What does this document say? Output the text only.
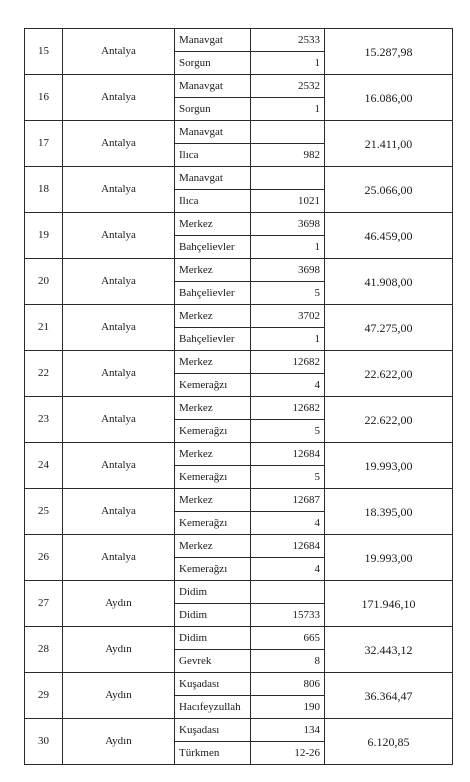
15	Antalya	Manavgat	2533	15.287,98
		Sorgun	1	
16	Antalya	Manavgat	2532	16.086,00
		Sorgun	1	
17	Antalya	Manavgat		21.411,00
		Ilıca	982	
18	Antalya	Manavgat		25.066,00
		Ilıca	1021	
19	Antalya	Merkez	3698	46.459,00
		Bahçelievler	1	
20	Antalya	Merkez	3698	41.908,00
		Bahçelievler	5	
21	Antalya	Merkez	3702	47.275,00
		Bahçelievler	1	
22	Antalya	Merkez	12682	22.622,00
		Kemerağzı	4	
23	Antalya	Merkez	12682	22.622,00
		Kemerağzı	5	
24	Antalya	Merkez	12684	19.993,00
		Kemerağzı	5	
25	Antalya	Merkez	12687	18.395,00
		Kemerağzı	4	
26	Antalya	Merkez	12684	19.993,00
		Kemerağzı	4	
27	Aydın	Didim		171.946,10
		Didim	15733	
28	Aydın	Didim	665	32.443,12
		Gevrek	8	
29	Aydın	Kuşadası	806	36.364,47
		Hacıfeyzullah	190	
30	Aydın	Kuşadası	134	6.120,85
		Türkmen	12-26	
